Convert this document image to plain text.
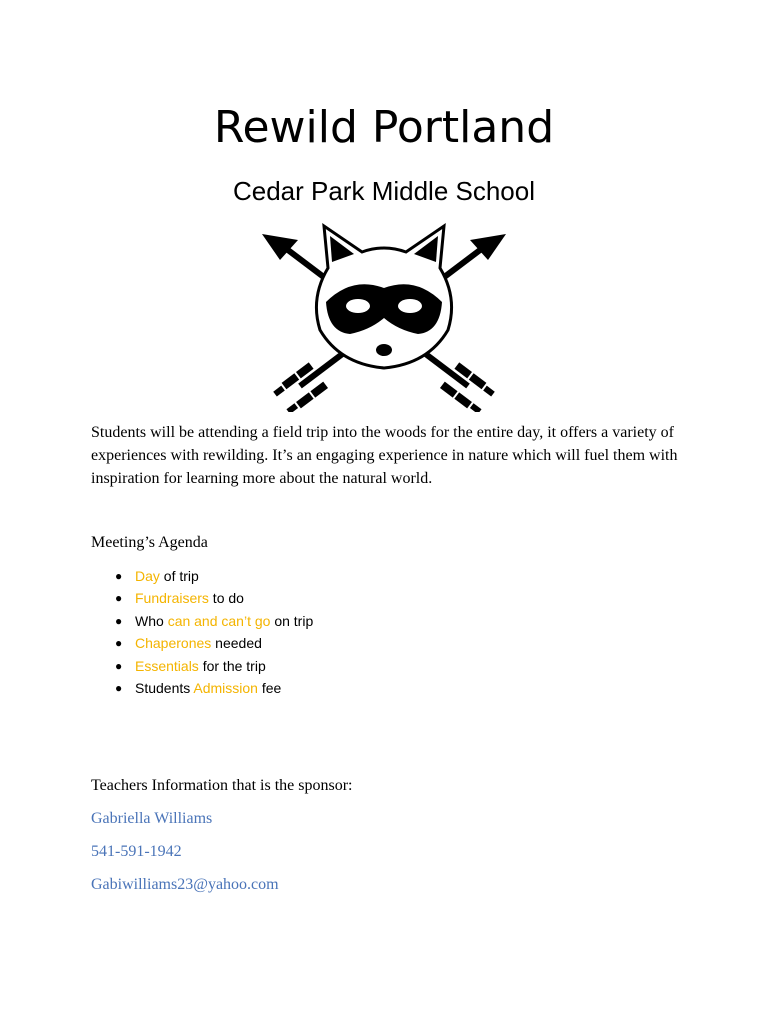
Rewild Portland
Cedar Park Middle School
Students will be attending a field trip into the woods for the entire day, it offers a variety of experiences with rewilding. It’s an engaging experience in nature which will fuel them with inspiration for learning more about the natural world.
Meeting’s Agenda
● Day of trip
● Fundraisers to do
● Who can and can’t go on trip
● Chaperones needed
● Essentials for the trip
● Students Admission fee
Teachers Information that is the sponsor:
Gabriella Williams
541-591-1942
Gabiwilliams23@yahoo.com
